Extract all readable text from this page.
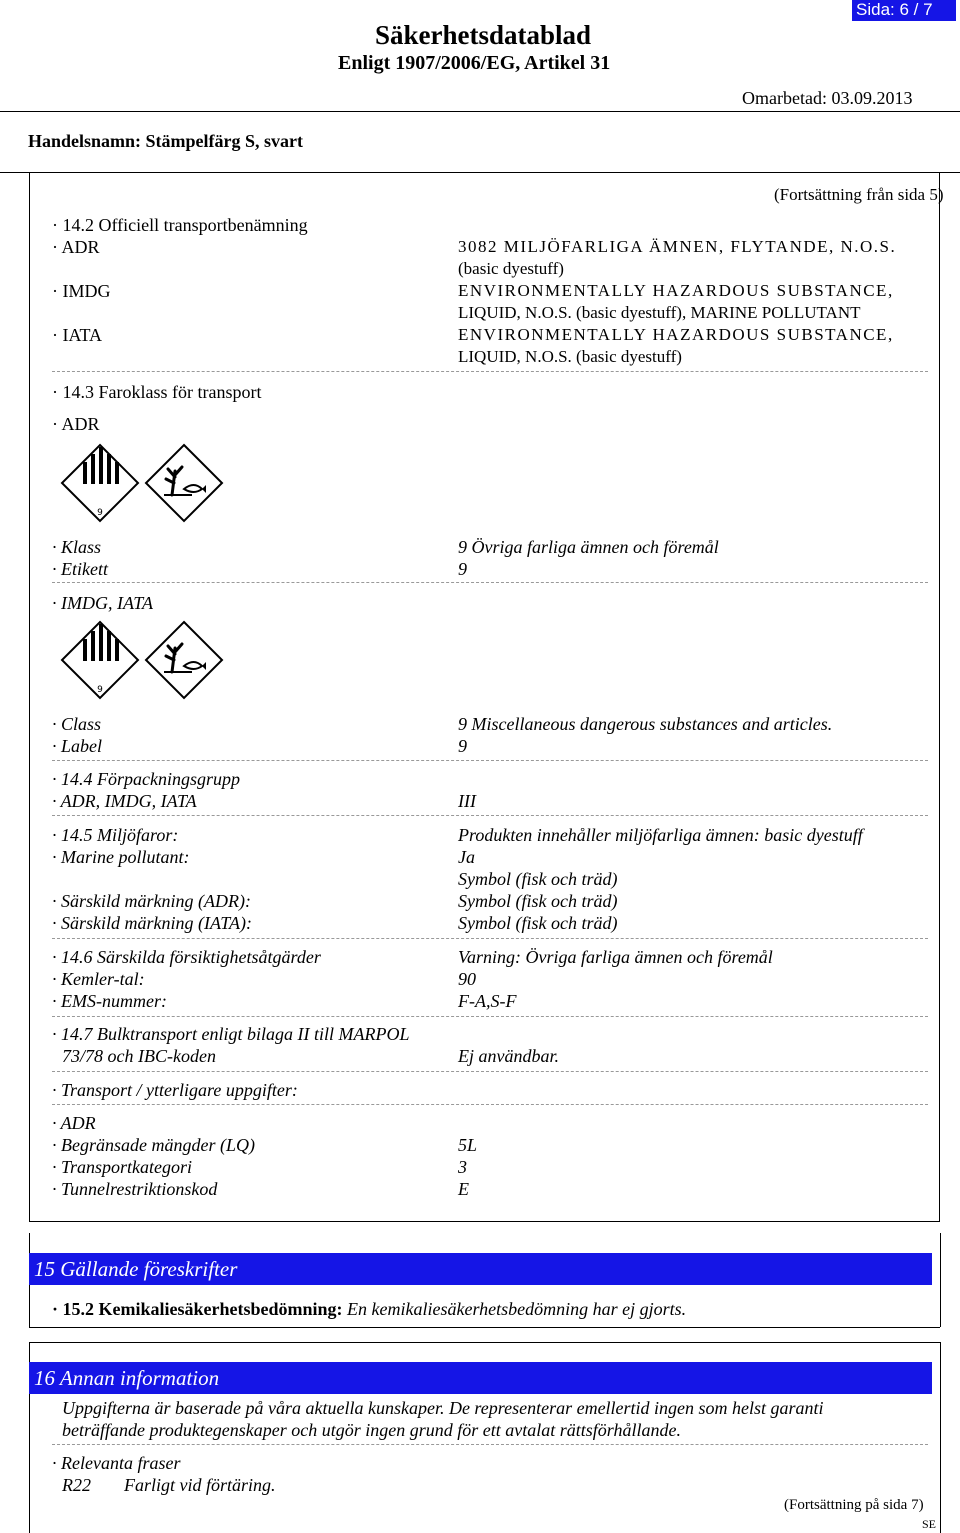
Sida: 6 / 7
Säkerhetsdatablad
Enligt 1907/2006/EG, Artikel 31
Omarbetad: 03.09.2013
Handelsnamn: Stämpelfärg S, svart
(Fortsättning från sida 5)
· 14.2 Officiell transportbenämning
· ADR	3082 MILJÖFARLIGA ÄMNEN, FLYTANDE, N.O.S.
(basic dyestuff)
· IMDG	ENVIRONMENTALLY HAZARDOUS SUBSTANCE,
LIQUID, N.O.S. (basic dyestuff), MARINE POLLUTANT
· IATA	ENVIRONMENTALLY HAZARDOUS SUBSTANCE,
LIQUID, N.O.S. (basic dyestuff)
· 14.3 Faroklass för transport
· ADR
9
· Klass	9 Övriga farliga ämnen och föremål
· Etikett	9
· IMDG, IATA
9
· Class	9 Miscellaneous dangerous substances and articles.
· Label	9
· 14.4 Förpackningsgrupp
· ADR, IMDG, IATA	III
· 14.5 Miljöfaror:	Produkten innehåller miljöfarliga ämnen: basic dyestuff
· Marine pollutant:	Ja
Symbol (fisk och träd)
· Särskild märkning (ADR):	Symbol (fisk och träd)
· Särskild märkning (IATA):	Symbol (fisk och träd)
· 14.6 Särskilda försiktighetsåtgärder	Varning: Övriga farliga ämnen och föremål
· Kemler-tal:	90
· EMS-nummer:	F-A,S-F
· 14.7 Bulktransport enligt bilaga II till MARPOL
73/78 och IBC-koden	Ej användbar.
· Transport / ytterligare uppgifter:
· ADR
· Begränsade mängder (LQ)	5L
· Transportkategori	3
· Tunnelrestriktionskod	E
15 Gällande föreskrifter
· 15.2 Kemikaliesäkerhetsbedömning: En kemikaliesäkerhetsbedömning har ej gjorts.
16 Annan information
Uppgifterna är baserade på våra aktuella kunskaper. De representerar emellertid ingen som helst garanti
beträffande produktegenskaper och utgör ingen grund för ett avtalat rättsförhållande.
· Relevanta fraser
R22 Farligt vid förtäring.
(Fortsättning på sida 7)
SE
